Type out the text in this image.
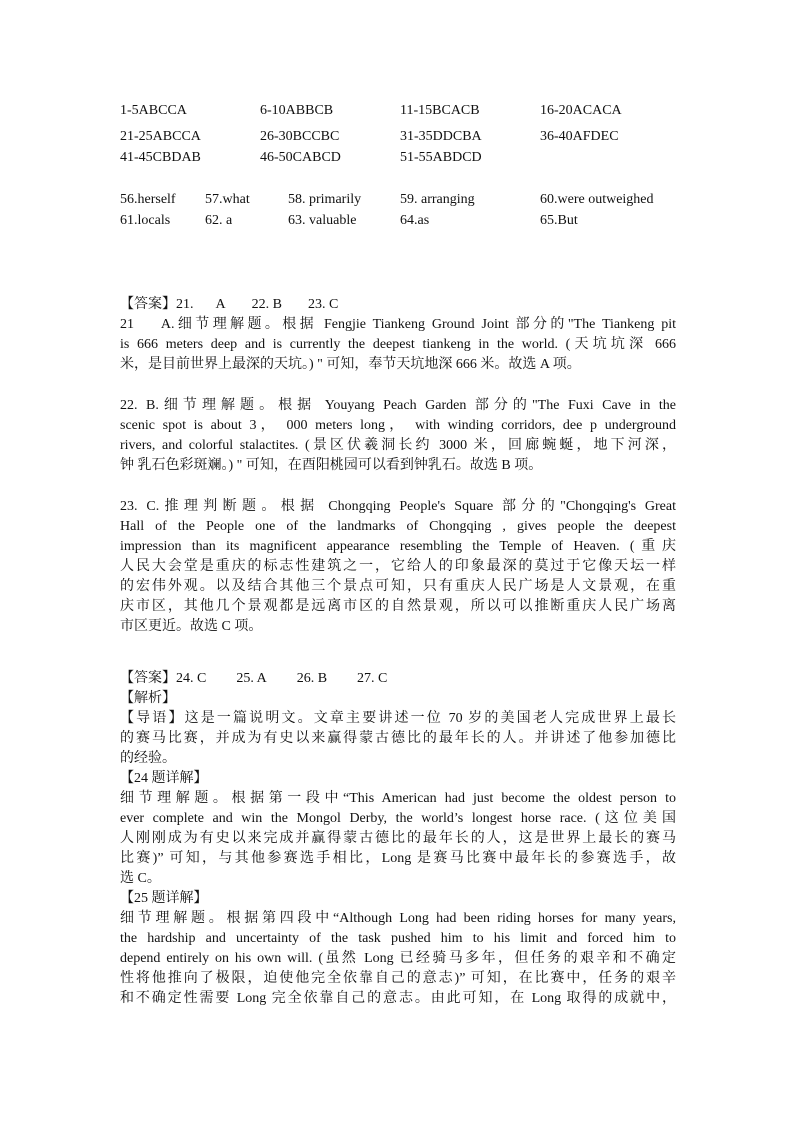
1-5ABCCA	6-10ABBCB	11-15BCACB	16-20ACACA
21-25ABCCA	26-30BCCBC	31-35DDCBA	36-40AFDEC
41-45CBDAB	46-50CABCD	51-55ABDCD
56.herself 57.what	58. primarily	59. arranging	60.were outweighed
61.locals 62. a	63. valuable	64.as	65.But
【答案】21. A 22. B 23. C
21　 A.细节理解题。根据 Fengjie Tiankeng Ground Joint 部分的"The Tiankeng pit
is 666 meters deep and is currently the deepest tiankeng in the world. (天坑坑深 666
米，是目前世界上最深的天坑。) " 可知，奉节天坑地深 666 米。故选 A 项。
22. B.细节理解题。根据 Youyang Peach Garden 部分的"The Fuxi Cave in the
scenic spot is about 3， 000 meters long， with winding corridors, dee p underground
rivers, and colorful stalactites. (景区伏羲洞长约 3000 米，回廊蜿蜒，地下河深，
钟 乳石色彩斑斓。) " 可知，在酉阳桃园可以看到钟乳石。故选 B 项。
23. C.推理判断题。根据 Chongqing People's Square 部分的"Chongqing's Great
Hall of the People one of the landmarks of Chongqing , gives people the deepest
impression than its magnificent appearance resembling the Temple of Heaven. (重庆
人民大会堂是重庆的标志性建筑之一，它给人的印象最深的莫过于它像天坛一样
的宏伟外观。以及结合其他三个景点可知，只有重庆人民广场是人文景观，在重
庆市区，其他几个景观都是远离市区的自然景观，所以可以推断重庆人民广场离
市区更近。故选 C 项。
【答案】24. C 25. A 26. B 27. C
【解析】
【导语】这是一篇说明文。文章主要讲述一位 70 岁的美国老人完成世界上最长
的赛马比赛，并成为有史以来赢得蒙古德比的最年长的人。并讲述了他参加德比
的经验。
【24 题详解】
细节理解题。根据第一段中“This American had just become the oldest person to
ever complete and win the Mongol Derby, the world’s longest horse race. (这位美国
人刚刚成为有史以来完成并赢得蒙古德比的最年长的人，这是世界上最长的赛马
比赛)” 可知，与其他参赛选手相比，Long 是赛马比赛中最年长的参赛选手，故
选 C。
【25 题详解】
细节理解题。根据第四段中“Although Long had been riding horses for many years,
the hardship and uncertainty of the task pushed him to his limit and forced him to
depend entirely on his own will. (虽然 Long 已经骑马多年，但任务的艰辛和不确定
性将他推向了极限，迫使他完全依靠自己的意志)” 可知，在比赛中，任务的艰辛
和不确定性需要 Long 完全依靠自己的意志。由此可知，在 Long 取得的成就中，
